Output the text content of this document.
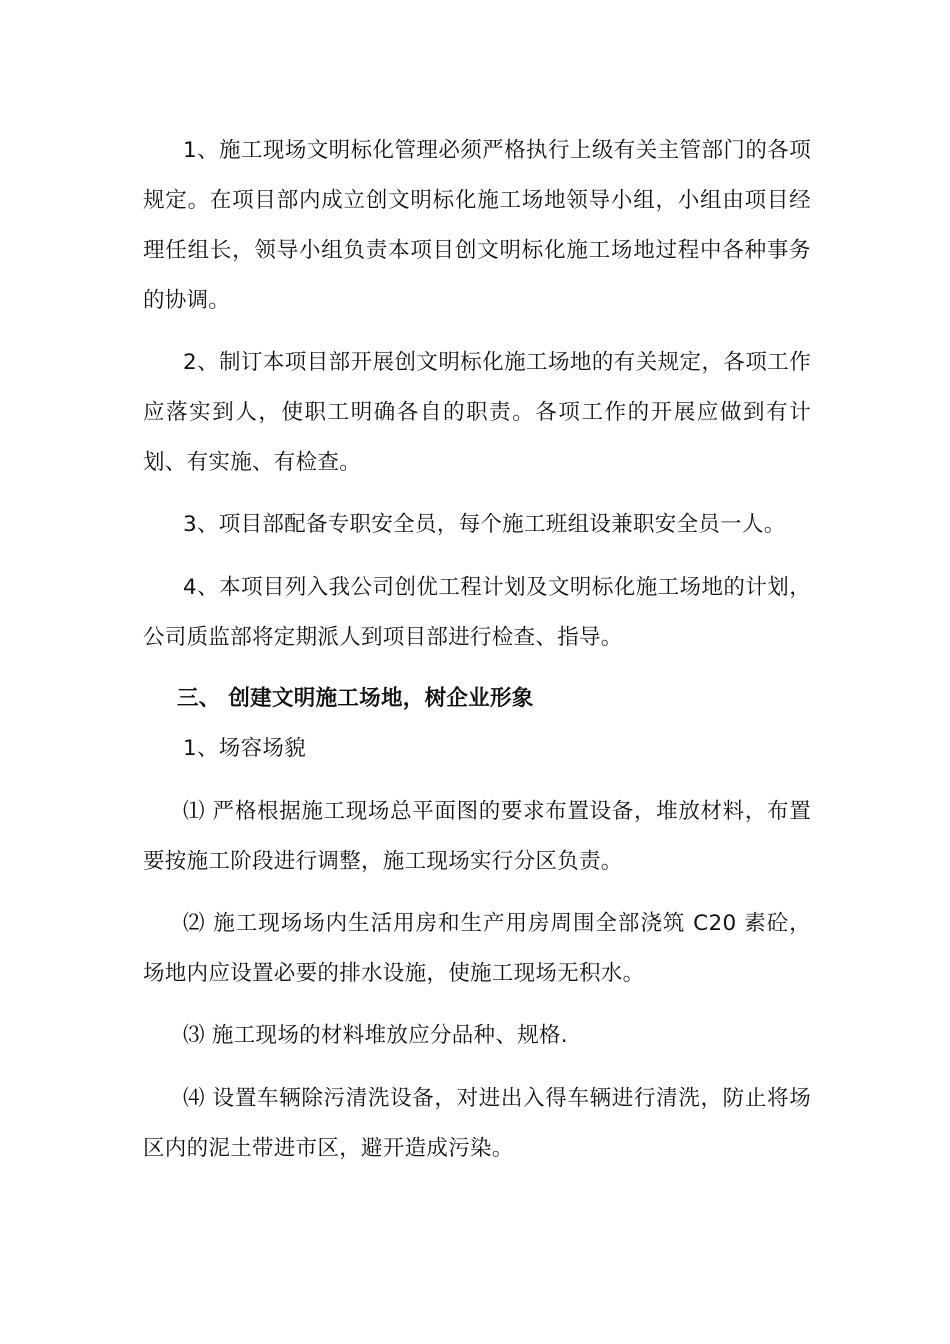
1、施工现场文明标化管理必须严格执行上级有关主管部门的各项规定。在项目部内成立创文明标化施工场地领导小组，小组由项目经理任组长，领导小组负责本项目创文明标化施工场地过程中各种事务的协调。

2、制订本项目部开展创文明标化施工场地的有关规定，各项工作应落实到人，使职工明确各自的职责。各项工作的开展应做到有计划、有实施、有检查。

3、项目部配备专职安全员，每个施工班组设兼职安全员一人。

4、本项目列入我公司创优工程计划及文明标化施工场地的计划，公司质监部将定期派人到项目部进行检查、指导。

三、 创建文明施工场地，树企业形象

1、场容场貌

⑴ 严格根据施工现场总平面图的要求布置设备，堆放材料，布置要按施工阶段进行调整，施工现场实行分区负责。

⑵ 施工现场场内生活用房和生产用房周围全部浇筑 C20 素砼，场地内应设置必要的排水设施，使施工现场无积水。

⑶ 施工现场的材料堆放应分品种、规格.

⑷ 设置车辆除污清洗设备，对进出入得车辆进行清洗，防止将场区内的泥土带进市区，避开造成污染。
